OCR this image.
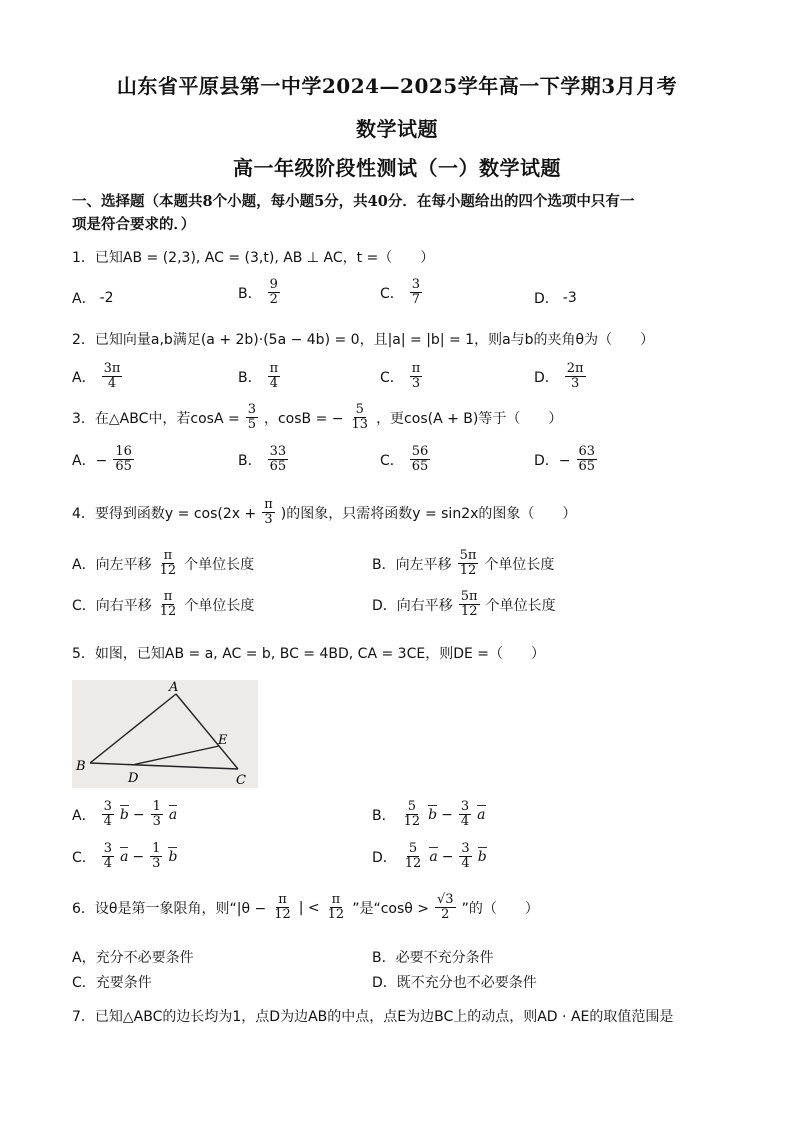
山东省平原县第一中学2024—2025学年高一下学期3月月考
数学试题
高一年级阶段性测试（一）数学试题
一、选择题（本题共8个小题，每小题5分，共40分．在每小题给出的四个选项中只有一
项是符合要求的．）
1．已知AB = (2,3), AC = (3,t), AB ⊥ AC，t =（　　）
A． -2	B． $\frac{9}{2}$	C． $\frac{3}{7}$	D． -3
2．已知向量a,b满足(a + 2b)·(5a − 4b) = 0，且|a| = |b| = 1，则a与b的夹角θ为（　　）
A． $\frac{3\pi}{4}$	B． $\frac{\pi}{4}$	C． $\frac{\pi}{3}$	D． $\frac{2\pi}{3}$
3．在△ABC中，若$\cos A = \frac{3}{5}$ ，cosB = − $\frac{5}{13}$ ，更cos(A + B)等于（　　）
A．− $\frac{16}{65}$	B． $\frac{33}{65}$	C． $\frac{56}{65}$	D．− $\frac{63}{65}$
4．要得到函数$y = \cos(2x + \frac{\pi}{3}$ )的图象，只需将函数y = sin2x的图象（　　）
A．向左平移 $\frac{\pi}{12}$ 个单位长度	B．向左平移 $\frac{5\pi}{12}$ 个单位长度
C．向右平移 $\frac{\pi}{12}$ 个单位长度	D．向右平移 $\frac{5\pi}{12}$ 个单位长度
5．如图，已知AB = a, AC = b, BC = 4BD, CA = 3CE，则DE =（　　）
A
B
C
D
E
A． $\frac{3}{4}$ $b - \frac{1}{3}$ a	B． $\frac{5}{12}$ $b - \frac{3}{4}$ a
C． $\frac{3}{4}$ $a - \frac{1}{3}$ b	D． $\frac{5}{12}$ $a - \frac{3}{4}$ b
6．设θ是第一象限角，则“$|\theta - \frac{\pi}{12}$ | < $\frac{\pi}{12}$ ”是“$\cos\theta > \frac{√3}{2}$ ”的（　　）
A，充分不必要条件	B．必要不充分条件
C．充要条件	D．既不充分也不必要条件
7．已知△ABC的边长均为1，点D为边AB的中点，点E为边BC上的动点，则AD · AE的取值范围是
